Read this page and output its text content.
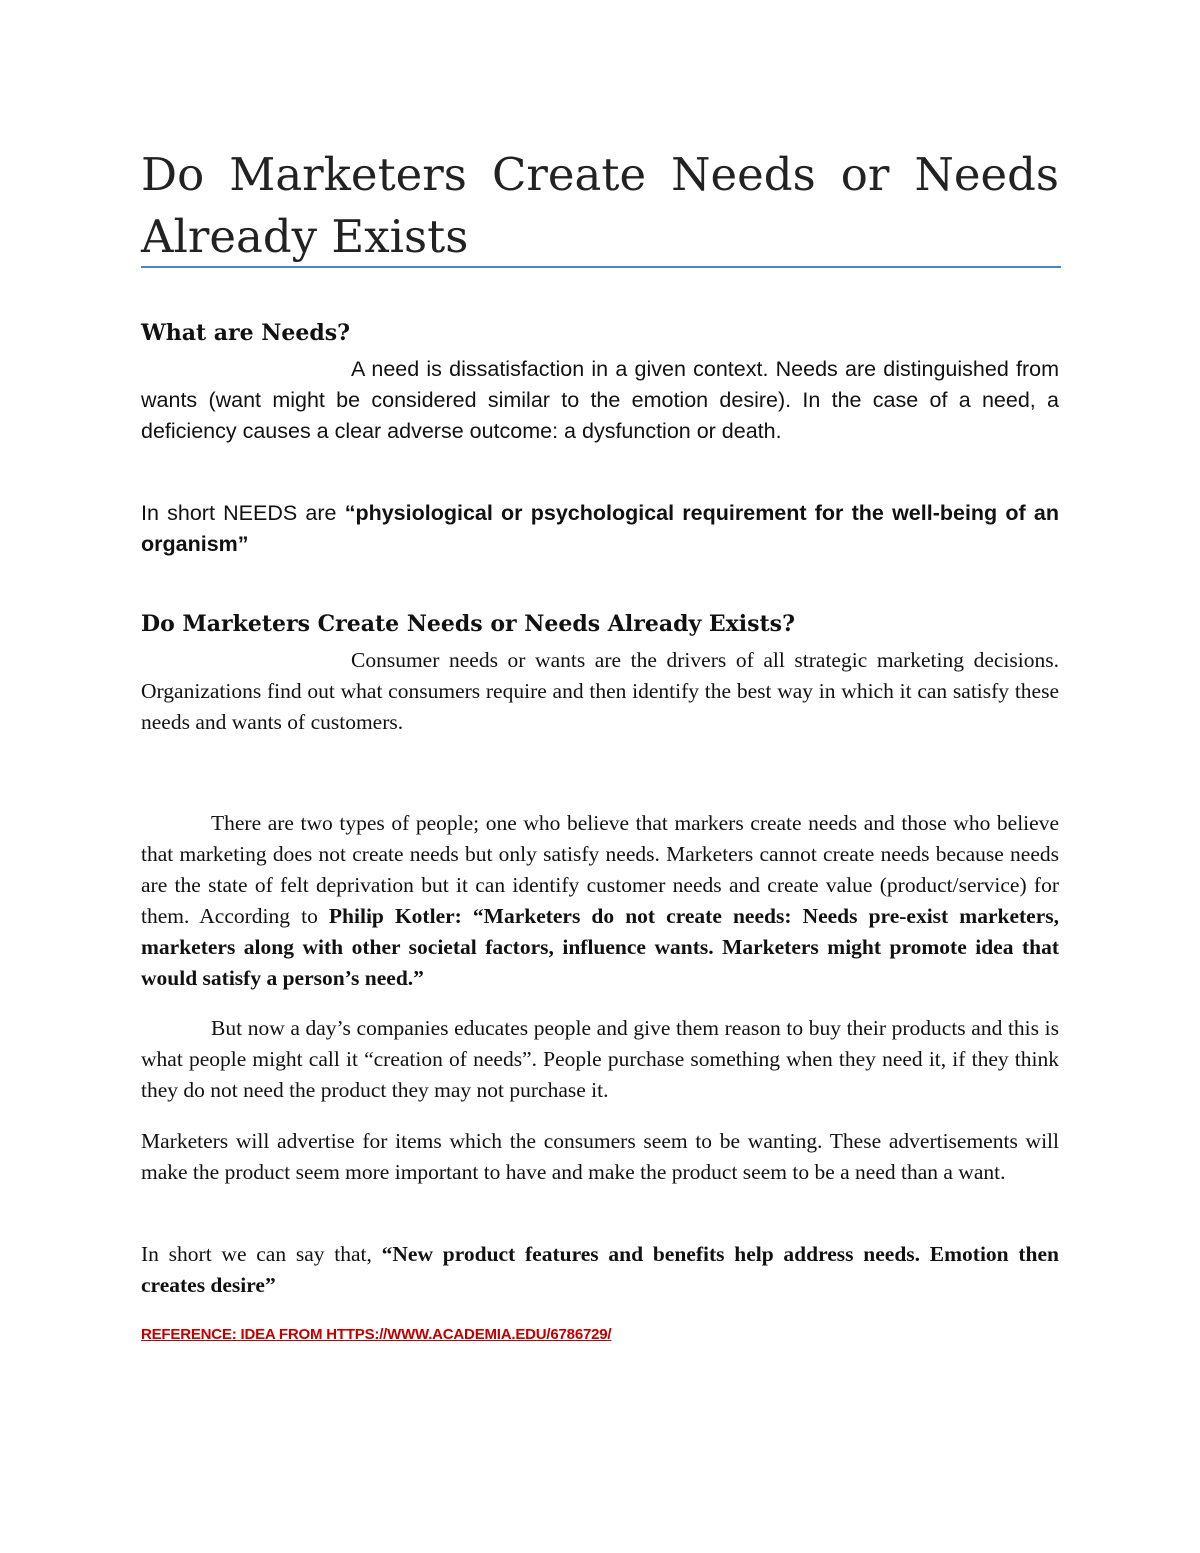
Do Marketers Create Needs or Needs Already Exists
What are Needs?
A need is dissatisfaction in a given context. Needs are distinguished from wants (want might be considered similar to the emotion desire). In the case of a need, a deficiency causes a clear adverse outcome: a dysfunction or death.
In short NEEDS are “physiological or psychological requirement for the well-being of an organism”
Do Marketers Create Needs or Needs Already Exists?
Consumer needs or wants are the drivers of all strategic marketing decisions. Organizations find out what consumers require and then identify the best way in which it can satisfy these needs and wants of customers.
There are two types of people; one who believe that markers create needs and those who believe that marketing does not create needs but only satisfy needs. Marketers cannot create needs because needs are the state of felt deprivation but it can identify customer needs and create value (product/service) for them. According to Philip Kotler: “Marketers do not create needs: Needs pre-exist marketers, marketers along with other societal factors, influence wants. Marketers might promote idea that would satisfy a person’s need.”
But now a day’s companies educates people and give them reason to buy their products and this is what people might call it “creation of needs”. People purchase something when they need it, if they think they do not need the product they may not purchase it.
Marketers will advertise for items which the consumers seem to be wanting. These advertisements will make the product seem more important to have and make the product seem to be a need than a want.
In short we can say that, “New product features and benefits help address needs. Emotion then creates desire”
REFERENCE: IDEA FROM HTTPS://WWW.ACADEMIA.EDU/6786729/
